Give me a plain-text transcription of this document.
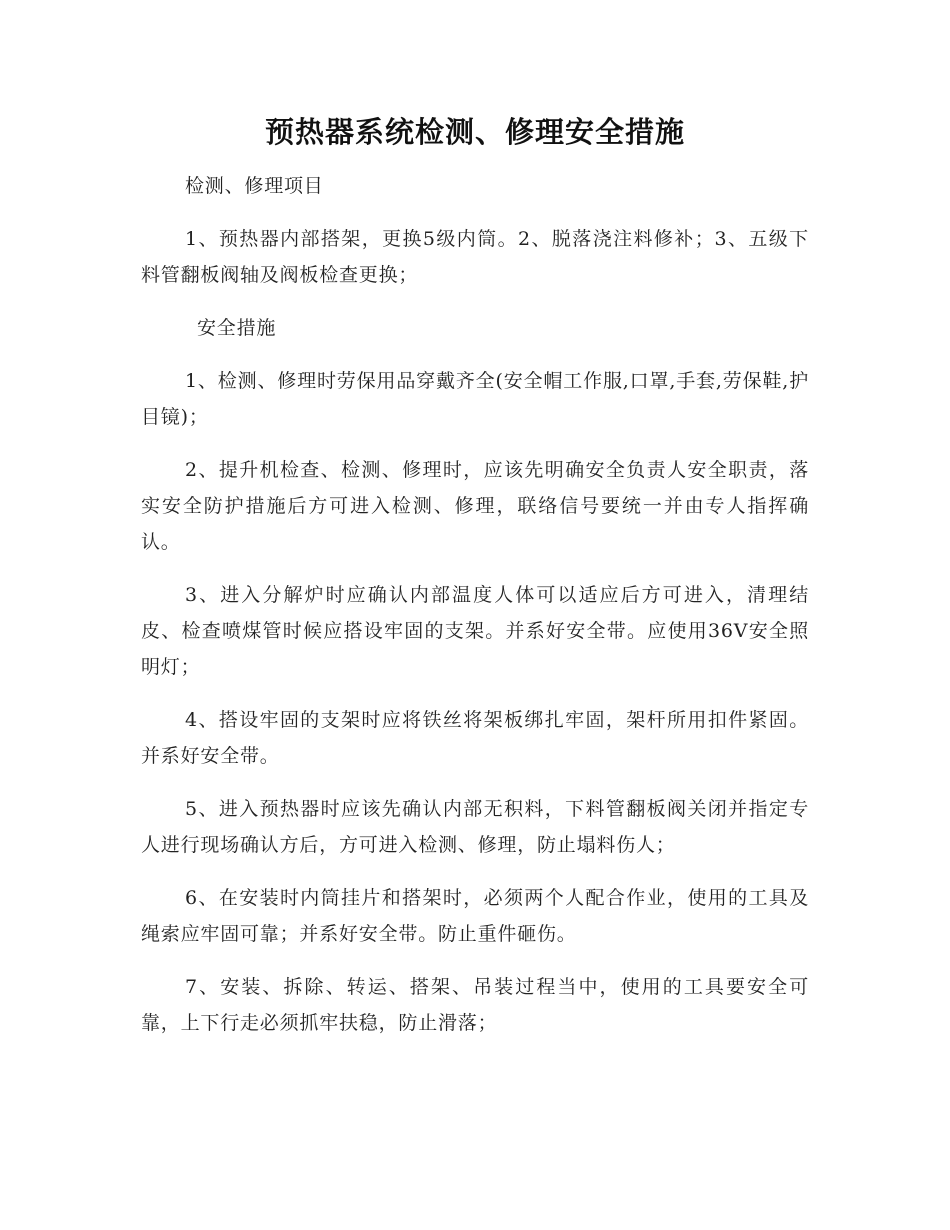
预热器系统检测、修理安全措施

检测、修理项目

1、预热器内部搭架，更换5级内筒。2、脱落浇注料修补；3、五级下料管翻板阀轴及阀板检查更换；

安全措施

1、检测、修理时劳保用品穿戴齐全(安全帽工作服,口罩,手套,劳保鞋,护目镜)；

2、提升机检查、检测、修理时，应该先明确安全负责人安全职责，落实安全防护措施后方可进入检测、修理，联络信号要统一并由专人指挥确认。

3、进入分解炉时应确认内部温度人体可以适应后方可进入，清理结皮、检查喷煤管时候应搭设牢固的支架。并系好安全带。应使用36V安全照明灯；

4、搭设牢固的支架时应将铁丝将架板绑扎牢固，架杆所用扣件紧固。并系好安全带。

5、进入预热器时应该先确认内部无积料，下料管翻板阀关闭并指定专人进行现场确认方后，方可进入检测、修理，防止塌料伤人；

6、在安装时内筒挂片和搭架时，必须两个人配合作业，使用的工具及绳索应牢固可靠；并系好安全带。防止重件砸伤。

7、安装、拆除、转运、搭架、吊装过程当中，使用的工具要安全可靠，上下行走必须抓牢扶稳，防止滑落；
